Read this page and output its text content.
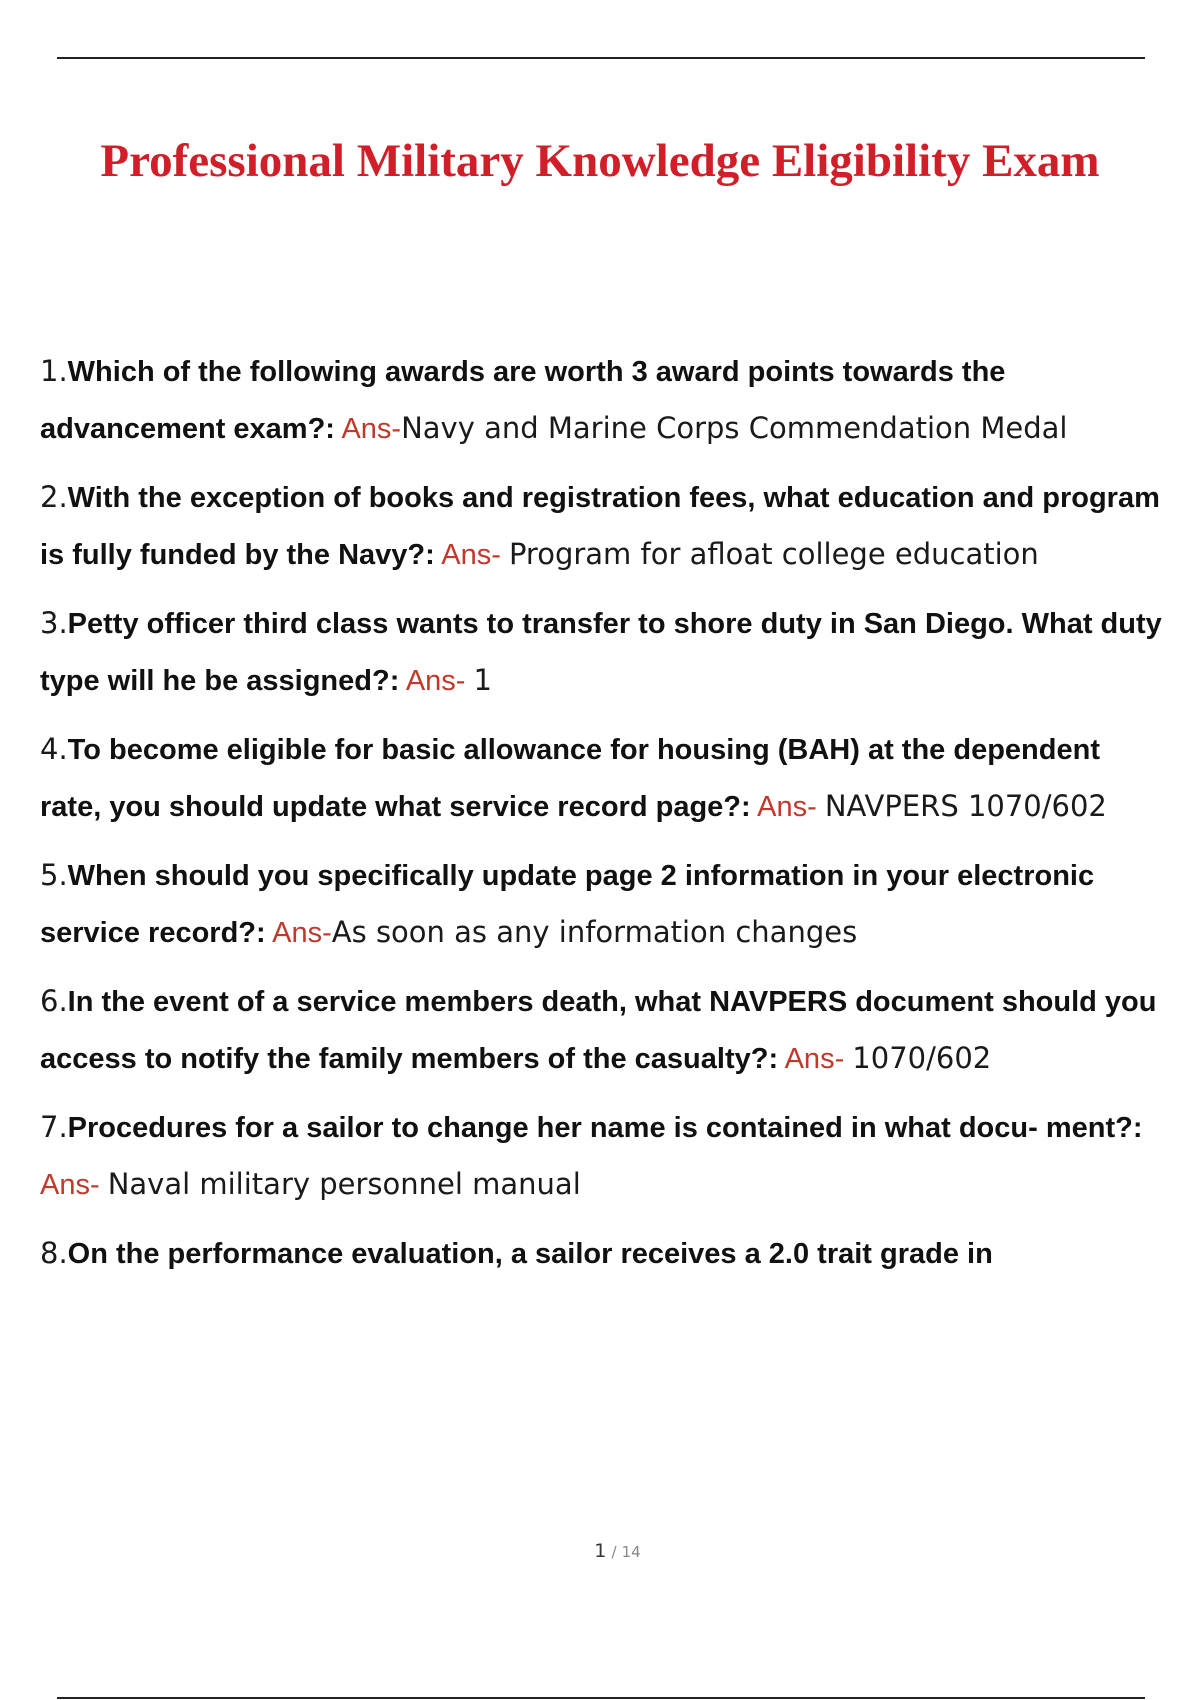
Professional Military Knowledge Eligibility Exam
1.Which of the following awards are worth 3 award points towards the advancement exam?: Ans-Navy and Marine Corps Commendation Medal
2.With the exception of books and registration fees, what education and program is fully funded by the Navy?: Ans- Program for afloat college education
3.Petty officer third class wants to transfer to shore duty in San Diego. What duty type will he be assigned?: Ans- 1
4.To become eligible for basic allowance for housing (BAH) at the dependent rate, you should update what service record page?: Ans- NAVPERS 1070/602
5.When should you specifically update page 2 information in your electronic service record?: Ans-As soon as any information changes
6.In the event of a service members death, what NAVPERS document should you access to notify the family members of the casualty?: Ans- 1070/602
7.Procedures for a sailor to change her name is contained in what docu- ment?: Ans- Naval military personnel manual
8.On the performance evaluation, a sailor receives a 2.0 trait grade in
1 / 14
